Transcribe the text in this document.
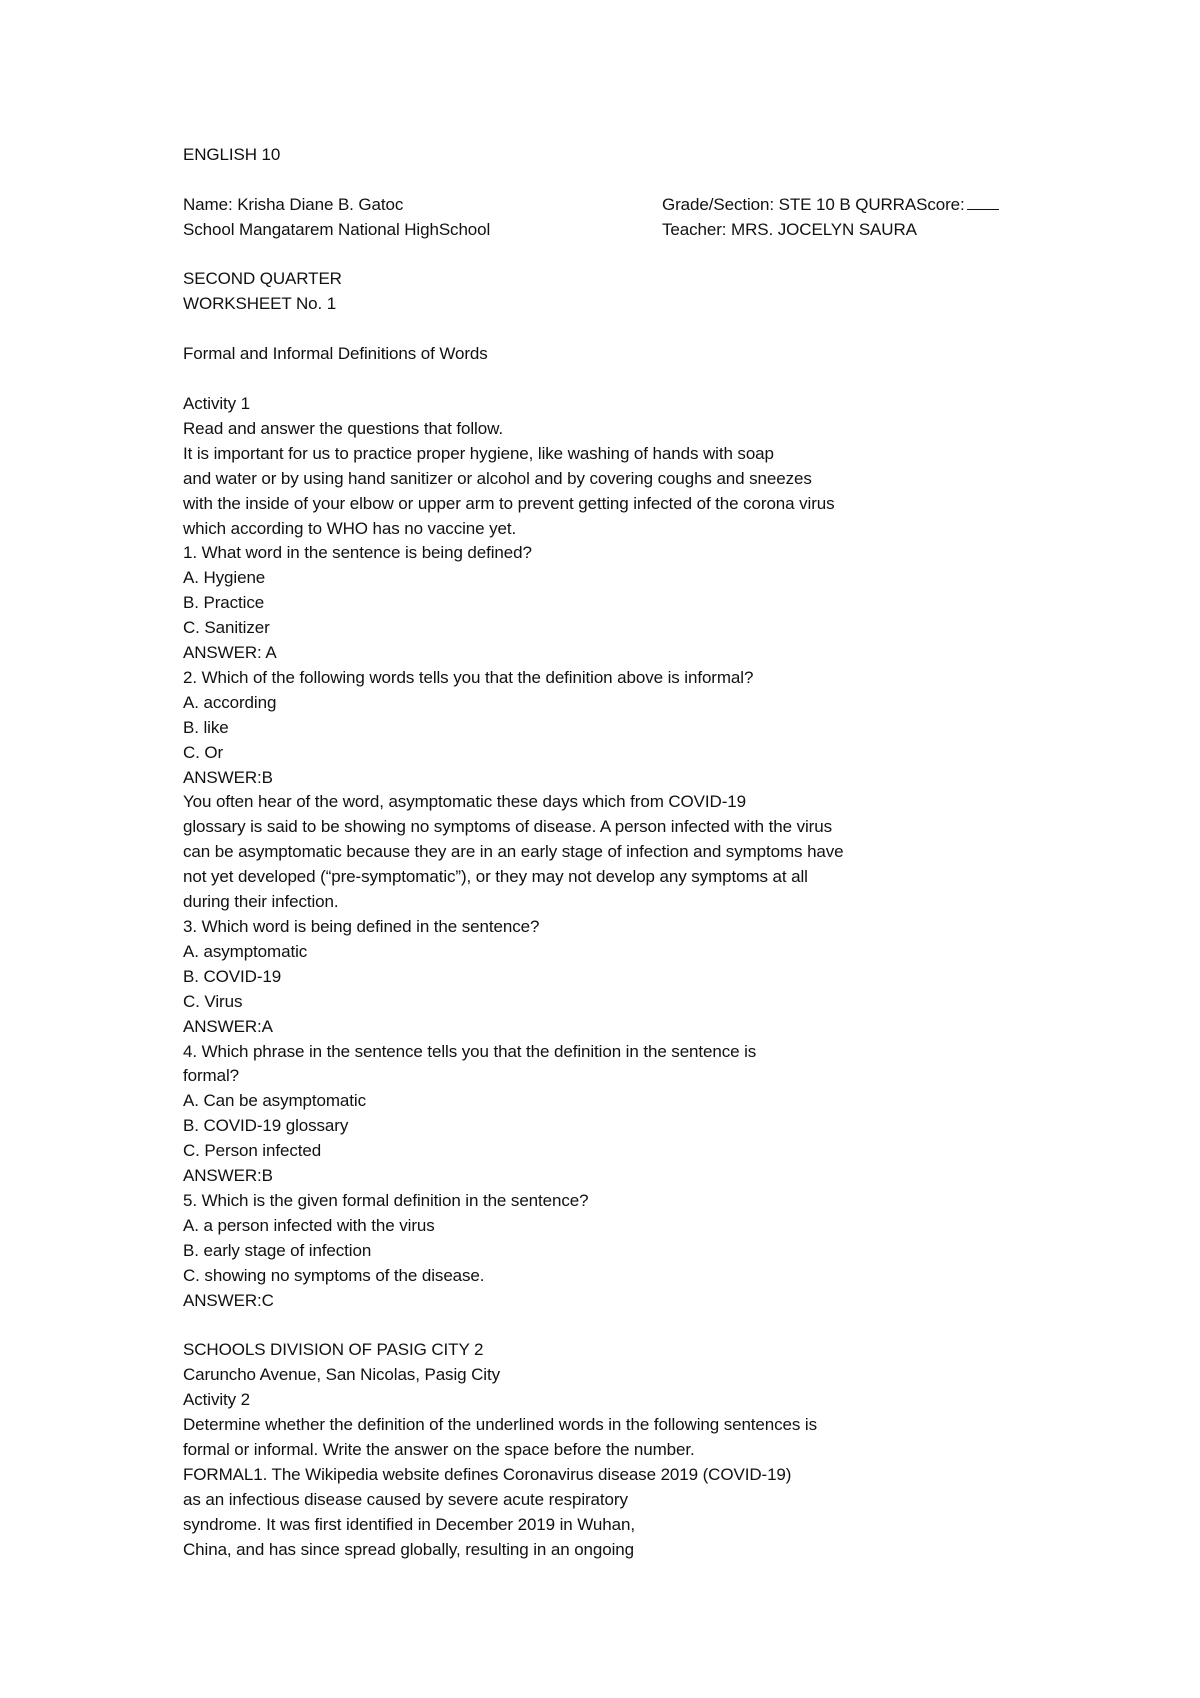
ENGLISH 10
Name: Krisha Diane B. Gatoc	Grade/Section: STE 10 B QURRAScore:
School Mangatarem National HighSchool	Teacher: MRS. JOCELYN SAURA
SECOND QUARTER
WORKSHEET No. 1
Formal and Informal Definitions of Words
Activity 1
Read and answer the questions that follow.
It is important for us to practice proper hygiene, like washing of hands with soap
and water or by using hand sanitizer or alcohol and by covering coughs and sneezes
with the inside of your elbow or upper arm to prevent getting infected of the corona virus
which according to WHO has no vaccine yet.
1. What word in the sentence is being defined?
A. Hygiene
B. Practice
C. Sanitizer
ANSWER: A
2. Which of the following words tells you that the definition above is informal?
A. according
B. like
C. Or
ANSWER:B
You often hear of the word, asymptomatic these days which from COVID-19
glossary is said to be showing no symptoms of disease. A person infected with the virus
can be asymptomatic because they are in an early stage of infection and symptoms have
not yet developed (“pre-symptomatic”), or they may not develop any symptoms at all
during their infection.
3. Which word is being defined in the sentence?
A. asymptomatic
B. COVID-19
C. Virus
ANSWER:A
4. Which phrase in the sentence tells you that the definition in the sentence is
formal?
A. Can be asymptomatic
B. COVID-19 glossary
C. Person infected
ANSWER:B
5. Which is the given formal definition in the sentence?
A. a person infected with the virus
B. early stage of infection
C. showing no symptoms of the disease.
ANSWER:C
SCHOOLS DIVISION OF PASIG CITY 2
Caruncho Avenue, San Nicolas, Pasig City
Activity 2
Determine whether the definition of the underlined words in the following sentences is
formal or informal. Write the answer on the space before the number.
FORMAL1. The Wikipedia website defines Coronavirus disease 2019 (COVID-19)
as an infectious disease caused by severe acute respiratory
syndrome. It was first identified in December 2019 in Wuhan,
China, and has since spread globally, resulting in an ongoing
